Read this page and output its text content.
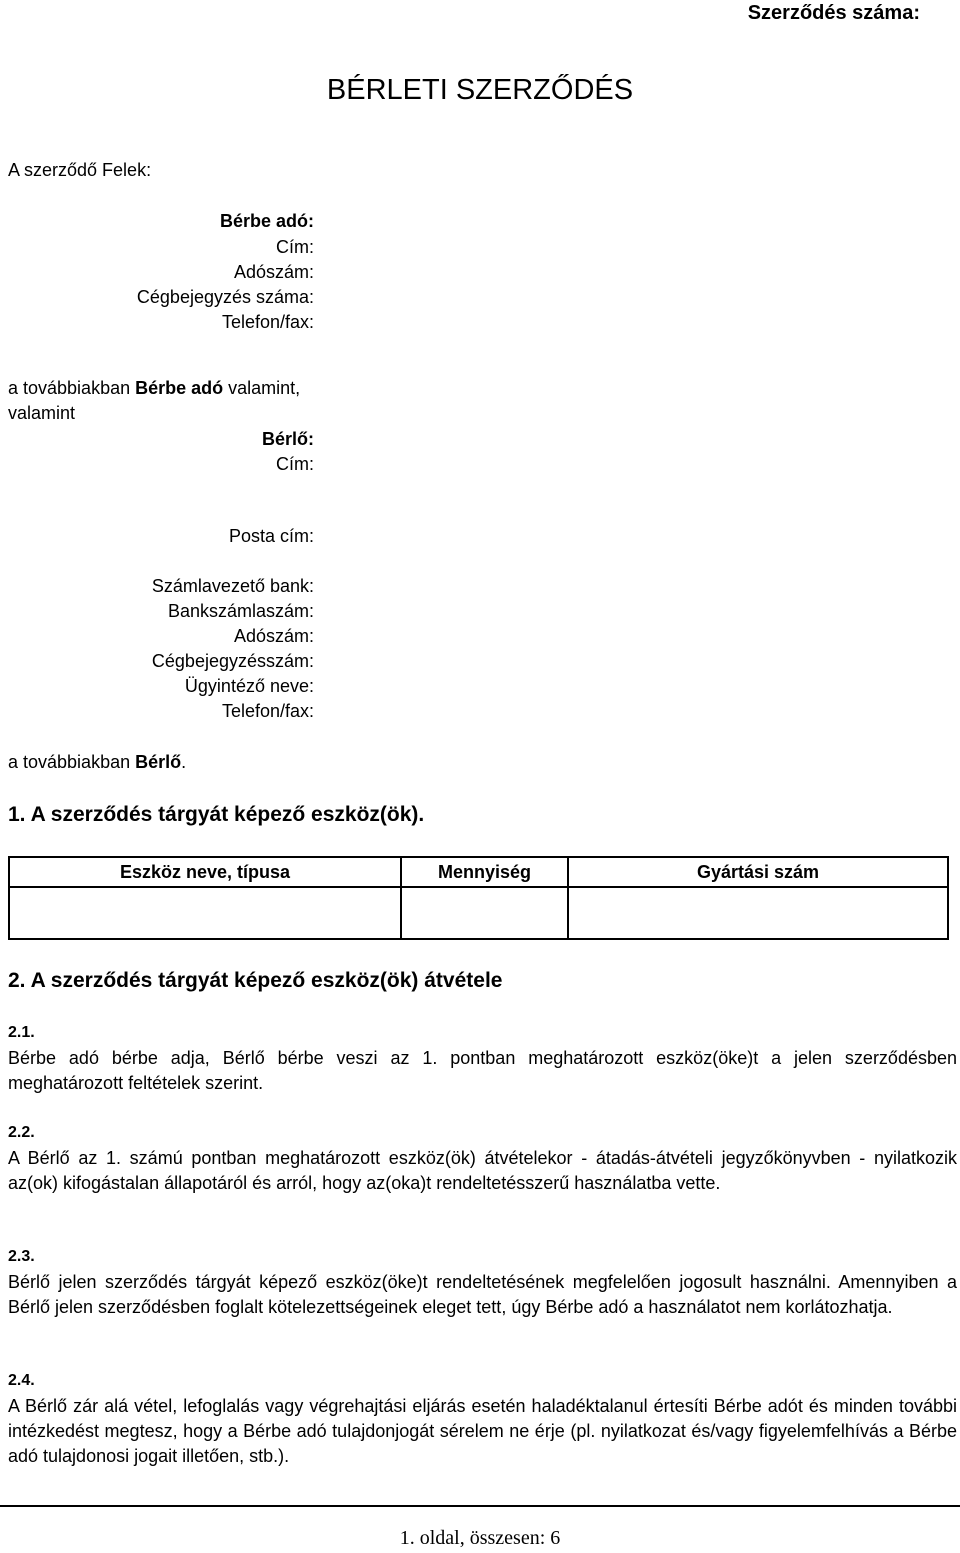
Szerződés száma:
BÉRLETI SZERZŐDÉS
A szerződő Felek:
Bérbe adó:
Cím:
Adószám:
Cégbejegyzés száma:
Telefon/fax:
a továbbiakban Bérbe adó valamint,
valamint
Bérlő:
Cím:
Posta cím:
Számlavezető bank:
Bankszámlaszám:
Adószám:
Cégbejegyzésszám:
Ügyintéző neve:
Telefon/fax:
a továbbiakban Bérlő.
1. A szerződés tárgyát képező eszköz(ök).
Eszköz neve, típusa	Mennyiség	Gyártási szám

2. A szerződés tárgyát képező eszköz(ök) átvétele
2.1.
Bérbe adó bérbe adja, Bérlő bérbe veszi az 1. pontban meghatározott eszköz(öke)t a jelen szerződésben meghatározott feltételek szerint.
2.2.
A Bérlő az 1. számú pontban meghatározott eszköz(ök) átvételekor - átadás-átvételi jegyzőkönyvben - nyilatkozik az(ok) kifogástalan állapotáról és arról, hogy az(oka)t rendeltetésszerű használatba vette.
2.3.
Bérlő jelen szerződés tárgyát képező eszköz(öke)t rendeltetésének megfelelően jogosult használni. Amennyiben a Bérlő jelen szerződésben foglalt kötelezettségeinek eleget tett, úgy Bérbe adó a használatot nem korlátozhatja.
2.4.
A Bérlő zár alá vétel, lefoglalás vagy végrehajtási eljárás esetén haladéktalanul értesíti Bérbe adót és minden további intézkedést megtesz, hogy a Bérbe adó tulajdonjogát sérelem ne érje (pl. nyilatkozat és/vagy figyelemfelhívás a Bérbe adó tulajdonosi jogait illetően, stb.).
1. oldal, összesen: 6
